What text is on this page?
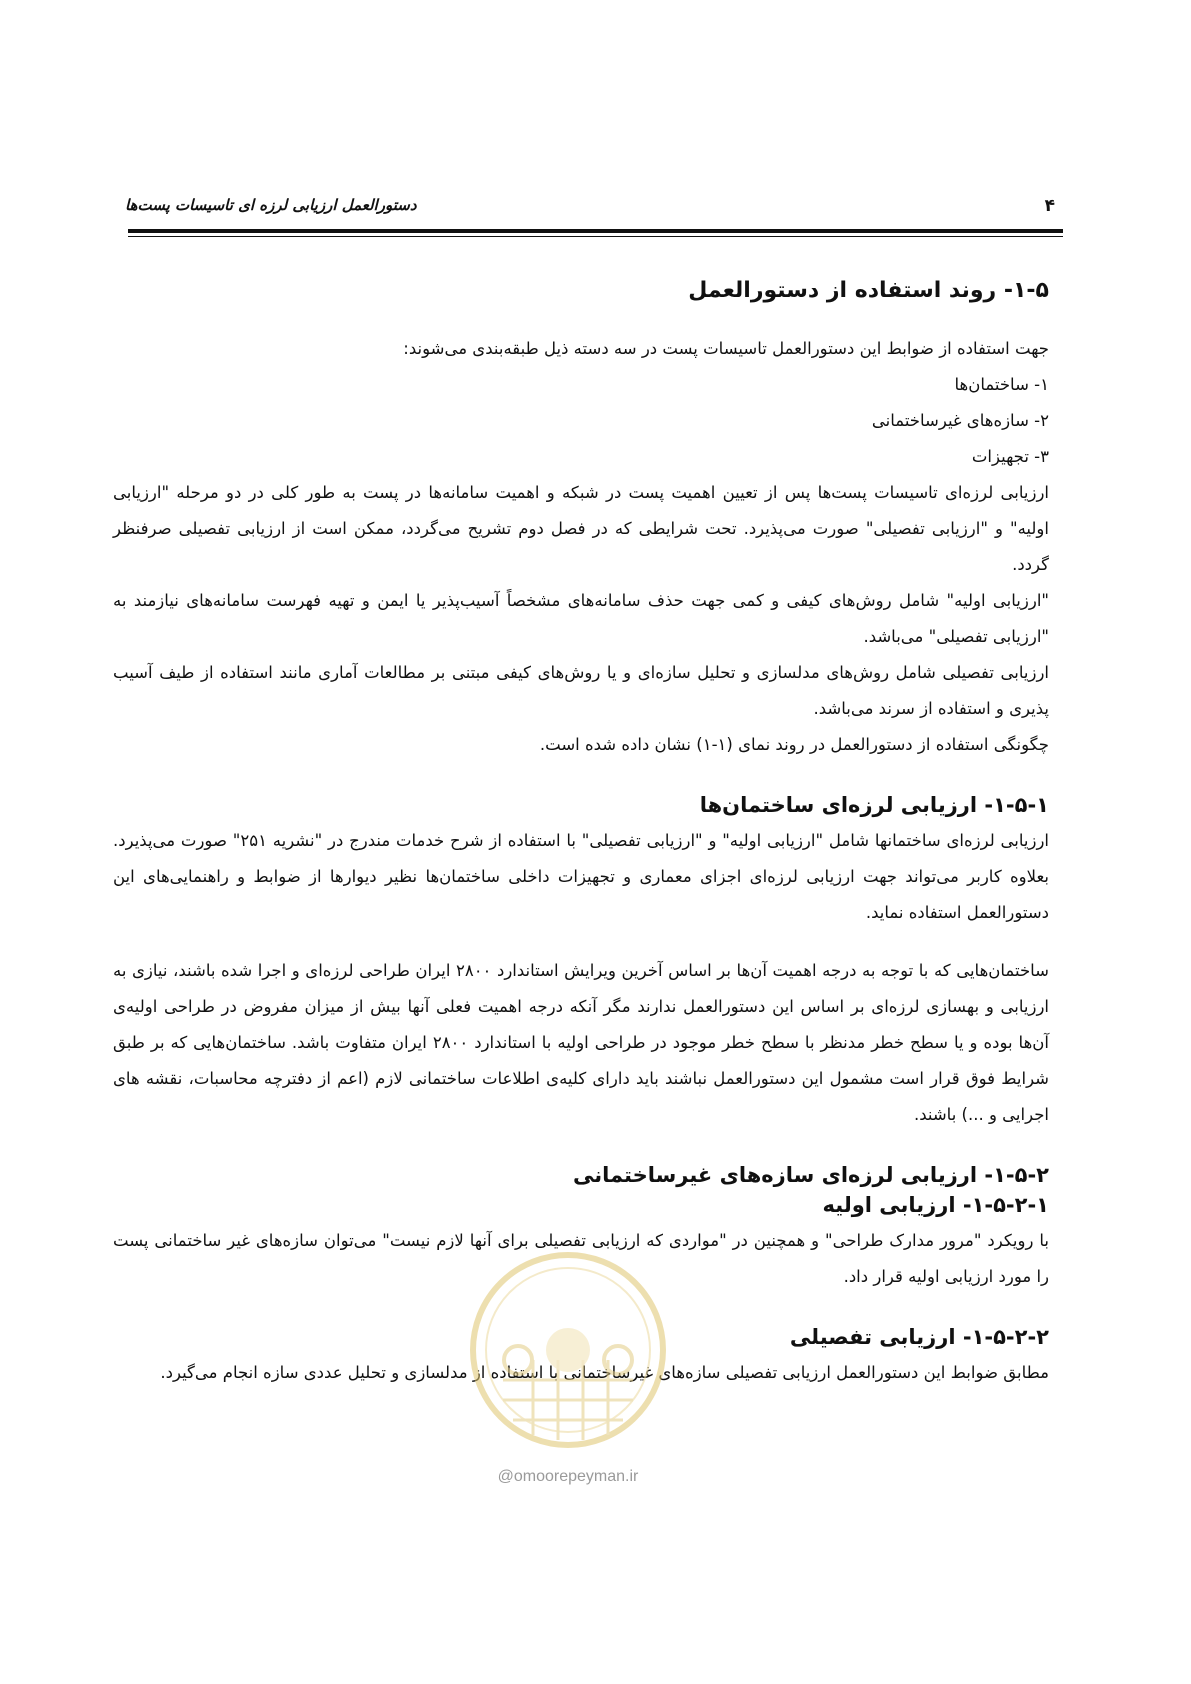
دستورالعمل ارزیابی لرزه ای تاسیسات پست‌ها	۴
۱-۵- روند استفاده از دستورالعمل

جهت استفاده از ضوابط این دستورالعمل تاسیسات پست در سه دسته ذیل طبقه‌بندی می‌شوند:

۱- ساختمان‌ها
۲- سازه‌های غیرساختمانی
۳- تجهیزات

ارزیابی لرزه‌ای تاسیسات پست‌ها پس از تعیین اهمیت پست در شبکه و اهمیت سامانه‌ها در پست به طور کلی در دو مرحله "ارزیابی اولیه" و "ارزیابی تفصیلی" صورت می‌پذیرد. تحت شرایطی که در فصل دوم تشریح می‌گردد، ممکن است از ارزیابی تفصیلی صرفنظر گردد.

"ارزیابی اولیه" شامل روش‌های کیفی و کمی جهت حذف سامانه‌های مشخصاً آسیب‌پذیر یا ایمن و تهیه فهرست سامانه‌های نیازمند به "ارزیابی تفصیلی" می‌باشد.

ارزیابی تفصیلی شامل روش‌های مدلسازی و تحلیل سازه‌ای و یا روش‌های کیفی مبتنی بر مطالعات آماری مانند استفاده از طیف آسیب پذیری و استفاده از سرند می‌باشد.

چگونگی استفاده از دستورالعمل در روند نمای (۱-۱) نشان داده شده است.

۱-۵-۱- ارزیابی لرزه‌ای ساختمان‌ها

ارزیابی لرزه‌ای ساختمانها شامل "ارزیابی اولیه" و "ارزیابی تفصیلی" با استفاده از شرح خدمات مندرج در "نشریه ۲۵۱" صورت می‌پذیرد. بعلاوه کاربر می‌تواند جهت ارزیابی لرزه‌ای اجزای معماری و تجهیزات داخلی ساختمان‌ها نظیر دیوارها از ضوابط و راهنمایی‌های این دستورالعمل استفاده نماید.

ساختمان‌هایی که با توجه به درجه اهمیت آن‌ها بر اساس آخرین ویرایش استاندارد ۲۸۰۰ ایران طراحی لرزه‌ای و اجرا شده باشند، نیازی به ارزیابی و بهسازی لرزه‌ای بر اساس این دستورالعمل ندارند مگر آنکه درجه اهمیت فعلی آنها بیش از میزان مفروض در طراحی اولیه‌ی آن‌ها بوده و یا سطح خطر مدنظر با سطح خطر موجود در طراحی اولیه با استاندارد ۲۸۰۰ ایران متفاوت باشد. ساختمان‌هایی که بر طبق شرایط فوق قرار است مشمول این دستورالعمل نباشند باید دارای کلیه‌ی اطلاعات ساختمانی لازم (اعم از دفترچه محاسبات، نقشه های اجرایی و ...) باشند.

۱-۵-۲- ارزیابی لرزه‌ای سازه‌های غیرساختمانی
۱-۵-۲-۱- ارزیابی اولیه

با رویکرد "مرور مدارک طراحی" و همچنین در "مواردی که ارزیابی تفصیلی برای آنها لازم نیست" می‌توان سازه‌های غیر ساختمانی پست را مورد ارزیابی اولیه قرار داد.

۱-۵-۲-۲- ارزیابی تفصیلی

مطابق ضوابط این دستورالعمل ارزیابی تفصیلی سازه‌های غیرساختمانی با استفاده از مدلسازی و تحلیل عددی سازه انجام می‌گیرد.

@omoorepeyman.ir
